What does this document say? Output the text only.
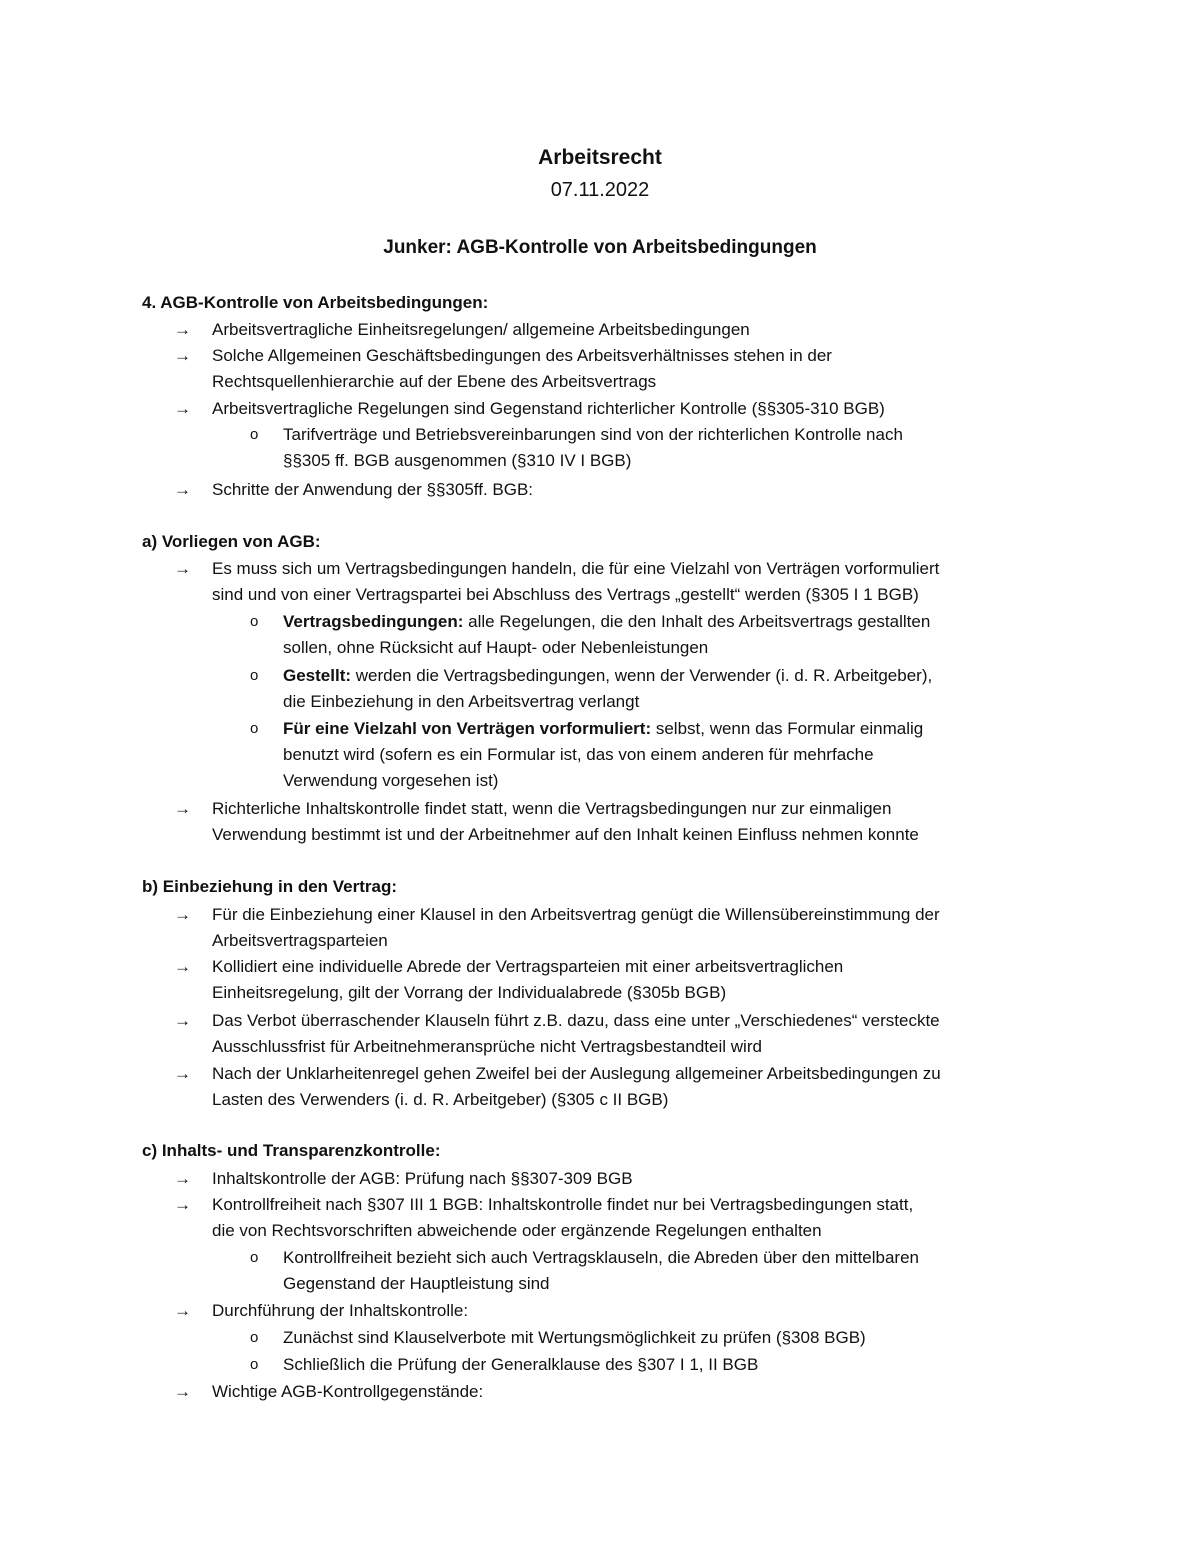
Arbeitsrecht
07.11.2022
Junker: AGB-Kontrolle von Arbeitsbedingungen
4. AGB-Kontrolle von Arbeitsbedingungen:
→ Arbeitsvertragliche Einheitsregelungen/ allgemeine Arbeitsbedingungen
→ Solche Allgemeinen Geschäftsbedingungen des Arbeitsverhältnisses stehen in der
Rechtsquellenhierarchie auf der Ebene des Arbeitsvertrags
→ Arbeitsvertragliche Regelungen sind Gegenstand richterlicher Kontrolle (§§305-310 BGB)
o Tarifverträge und Betriebsvereinbarungen sind von der richterlichen Kontrolle nach
§§305 ff. BGB ausgenommen (§310 IV I BGB)
→ Schritte der Anwendung der §§305ff. BGB:
a) Vorliegen von AGB:
→ Es muss sich um Vertragsbedingungen handeln, die für eine Vielzahl von Verträgen vorformuliert
sind und von einer Vertragspartei bei Abschluss des Vertrags „gestellt“ werden (§305 I 1 BGB)
o Vertragsbedingungen: alle Regelungen, die den Inhalt des Arbeitsvertrags gestallten
sollen, ohne Rücksicht auf Haupt- oder Nebenleistungen
o Gestellt: werden die Vertragsbedingungen, wenn der Verwender (i. d. R. Arbeitgeber),
die Einbeziehung in den Arbeitsvertrag verlangt
o Für eine Vielzahl von Verträgen vorformuliert: selbst, wenn das Formular einmalig
benutzt wird (sofern es ein Formular ist, das von einem anderen für mehrfache
Verwendung vorgesehen ist)
→ Richterliche Inhaltskontrolle findet statt, wenn die Vertragsbedingungen nur zur einmaligen
Verwendung bestimmt ist und der Arbeitnehmer auf den Inhalt keinen Einfluss nehmen konnte
b) Einbeziehung in den Vertrag:
→ Für die Einbeziehung einer Klausel in den Arbeitsvertrag genügt die Willensübereinstimmung der
Arbeitsvertragsparteien
→ Kollidiert eine individuelle Abrede der Vertragsparteien mit einer arbeitsvertraglichen
Einheitsregelung, gilt der Vorrang der Individualabrede (§305b BGB)
→ Das Verbot überraschender Klauseln führt z.B. dazu, dass eine unter „Verschiedenes“ versteckte
Ausschlussfrist für Arbeitnehmeransprüche nicht Vertragsbestandteil wird
→ Nach der Unklarheitenregel gehen Zweifel bei der Auslegung allgemeiner Arbeitsbedingungen zu
Lasten des Verwenders (i. d. R. Arbeitgeber) (§305 c II BGB)
c) Inhalts- und Transparenzkontrolle:
→ Inhaltskontrolle der AGB: Prüfung nach §§307-309 BGB
→ Kontrollfreiheit nach §307 III 1 BGB: Inhaltskontrolle findet nur bei Vertragsbedingungen statt,
die von Rechtsvorschriften abweichende oder ergänzende Regelungen enthalten
o Kontrollfreiheit bezieht sich auch Vertragsklauseln, die Abreden über den mittelbaren
Gegenstand der Hauptleistung sind
→ Durchführung der Inhaltskontrolle:
o Zunächst sind Klauselverbote mit Wertungsmöglichkeit zu prüfen (§308 BGB)
o Schließlich die Prüfung der Generalklause des §307 I 1, II BGB
→ Wichtige AGB-Kontrollgegenstände:
